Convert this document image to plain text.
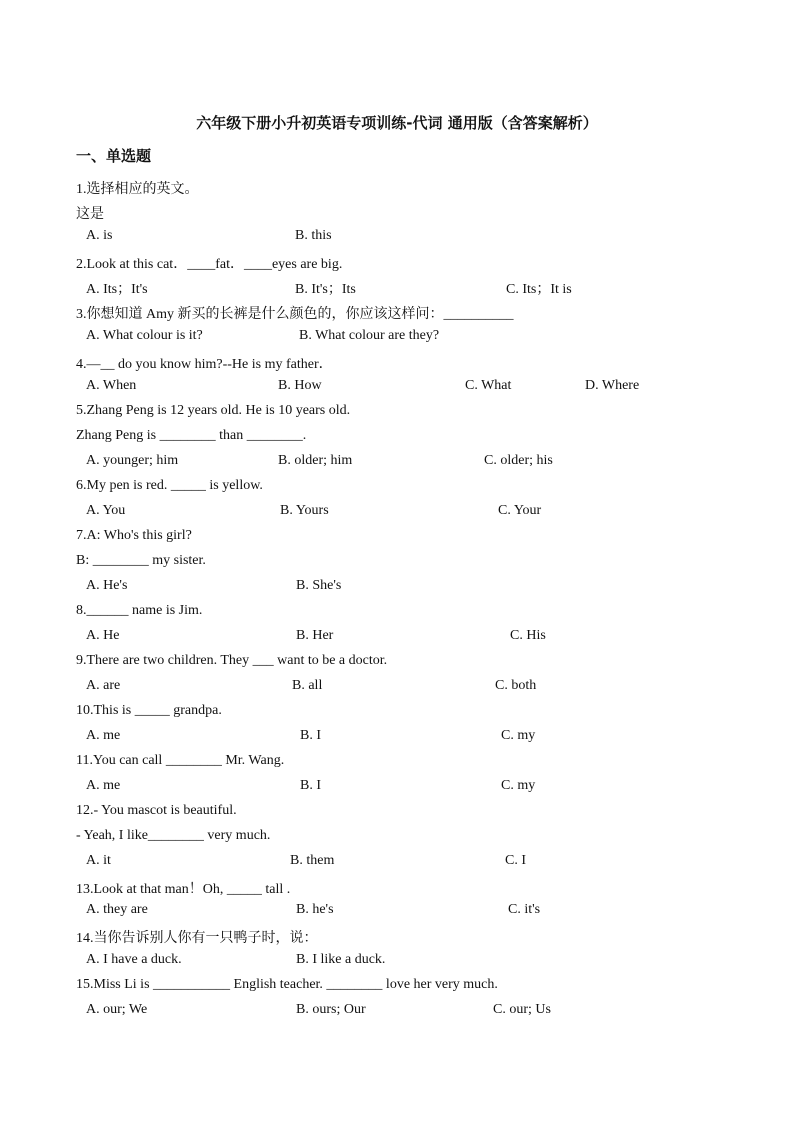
六年级下册小升初英语专项训练-代词 通用版（含答案解析）
一、单选题
1.选择相应的英文。
这是
A. is	B. this
2.Look at this cat．____fat．____eyes are big.
A. Its；It's	B. It's；Its	C. Its；It is
3.你想知道 Amy 新买的长裤是什么颜色的，你应该这样问：__________
A. What colour is it?	B. What colour are they?
4.—__ do you know him?--He is my father．
A. When	B. How	C. What	D. Where
5.Zhang Peng is 12 years old. He is 10 years old.
Zhang Peng is ________ than ________.
A. younger; him	B. older; him	C. older; his
6.My pen is red. _____ is yellow.
A. You	B. Yours	C. Your
7.A: Who's this girl?
B: ________ my sister.
A. He's	B. She's
8.______ name is Jim.
A. He	B. Her	C. His
9.There are two children. They ___ want to be a doctor.
A. are	B. all	C. both
10.This is _____ grandpa.
A. me	B. I	C. my
11.You can call ________ Mr. Wang.
A. me	B. I	C. my
12.- You mascot is beautiful.
- Yeah, I like________ very much.
A. it	B. them	C. I
13.Look at that man！Oh, _____ tall .
A. they are	B. he's	C. it's
14.当你告诉别人你有一只鸭子时，说：
A. I have a duck.	B. I like a duck.
15.Miss Li is ___________ English teacher. ________ love her very much.
A. our; We	B. ours; Our	C. our; Us
